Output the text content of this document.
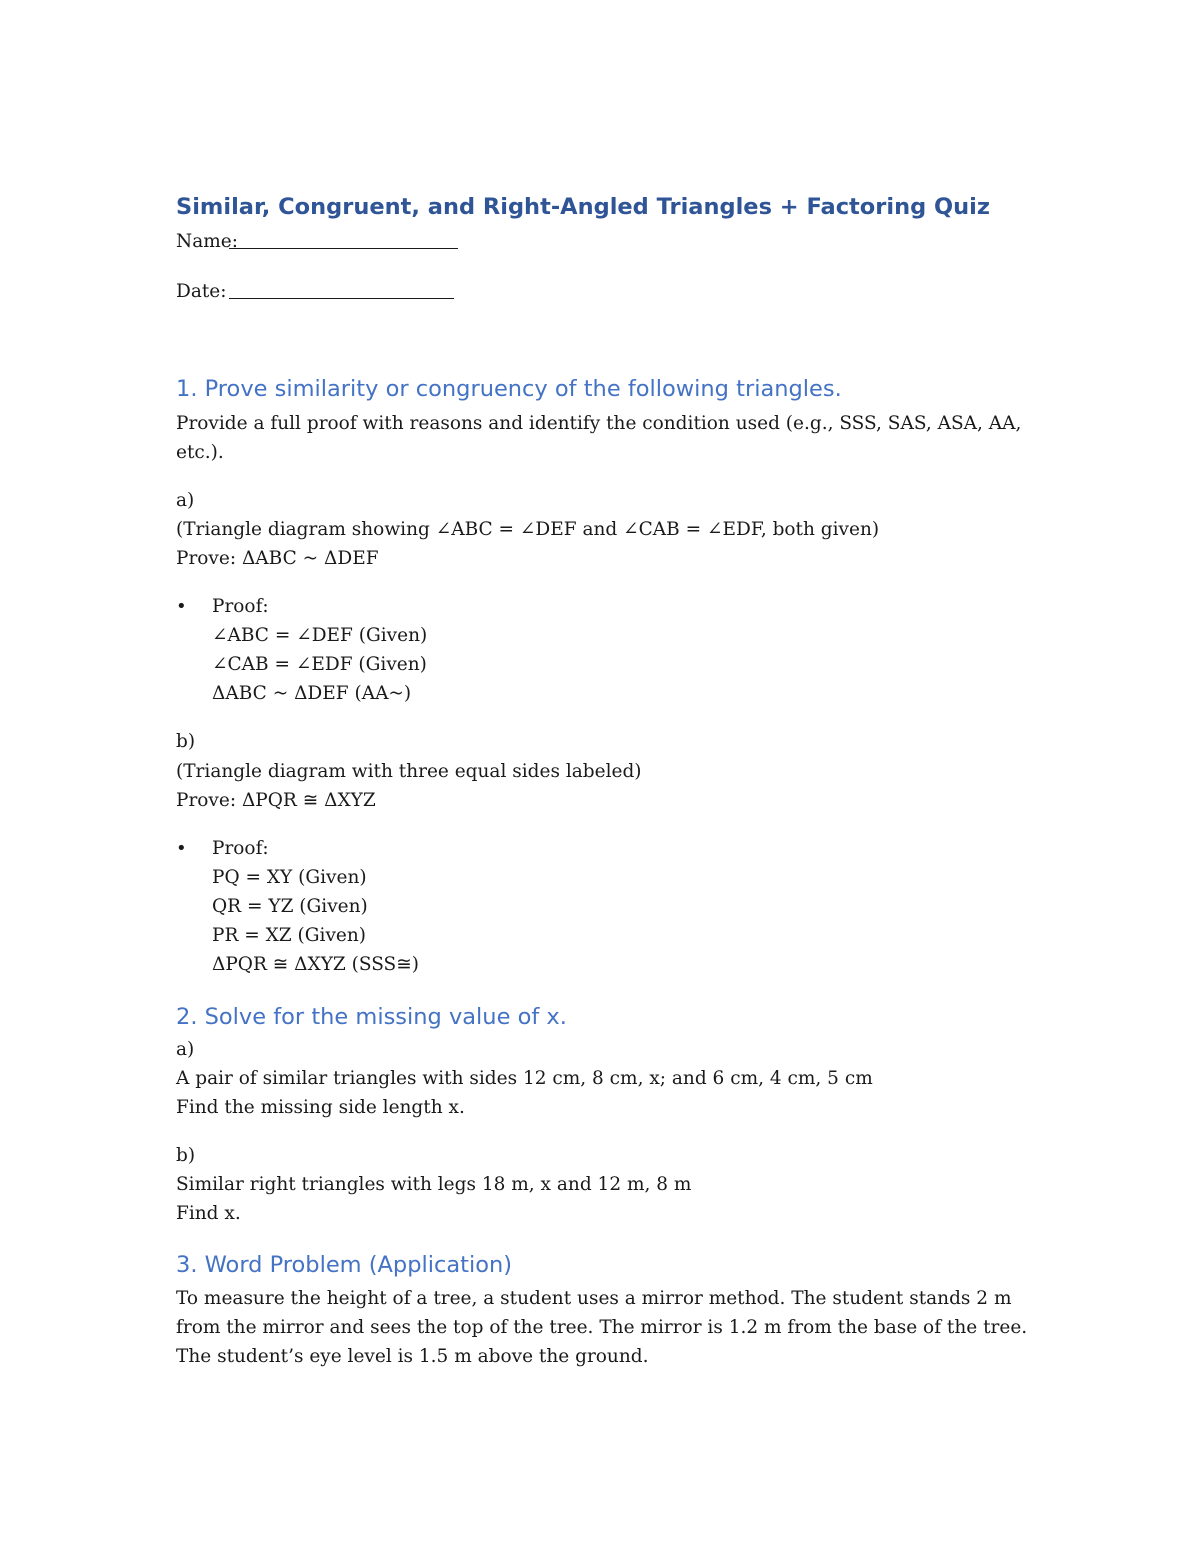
Similar, Congruent, and Right-Angled Triangles + Factoring Quiz
Name:
Date:
1. Prove similarity or congruency of the following triangles.
Provide a full proof with reasons and identify the condition used (e.g., SSS, SAS, ASA, AA,
etc.).
a)
(Triangle diagram showing ∠ABC = ∠DEF and ∠CAB = ∠EDF, both given)
Prove: ΔABC ~ ΔDEF
• Proof:
∠ABC = ∠DEF (Given)
∠CAB = ∠EDF (Given)
ΔABC ~ ΔDEF (AA~)
b)
(Triangle diagram with three equal sides labeled)
Prove: ΔPQR ≅ ΔXYZ
• Proof:
PQ = XY (Given)
QR = YZ (Given)
PR = XZ (Given)
ΔPQR ≅ ΔXYZ (SSS≅)
2. Solve for the missing value of x.
a)
A pair of similar triangles with sides 12 cm, 8 cm, x; and 6 cm, 4 cm, 5 cm
Find the missing side length x.
b)
Similar right triangles with legs 18 m, x and 12 m, 8 m
Find x.
3. Word Problem (Application)
To measure the height of a tree, a student uses a mirror method. The student stands 2 m
from the mirror and sees the top of the tree. The mirror is 1.2 m from the base of the tree.
The student’s eye level is 1.5 m above the ground.
